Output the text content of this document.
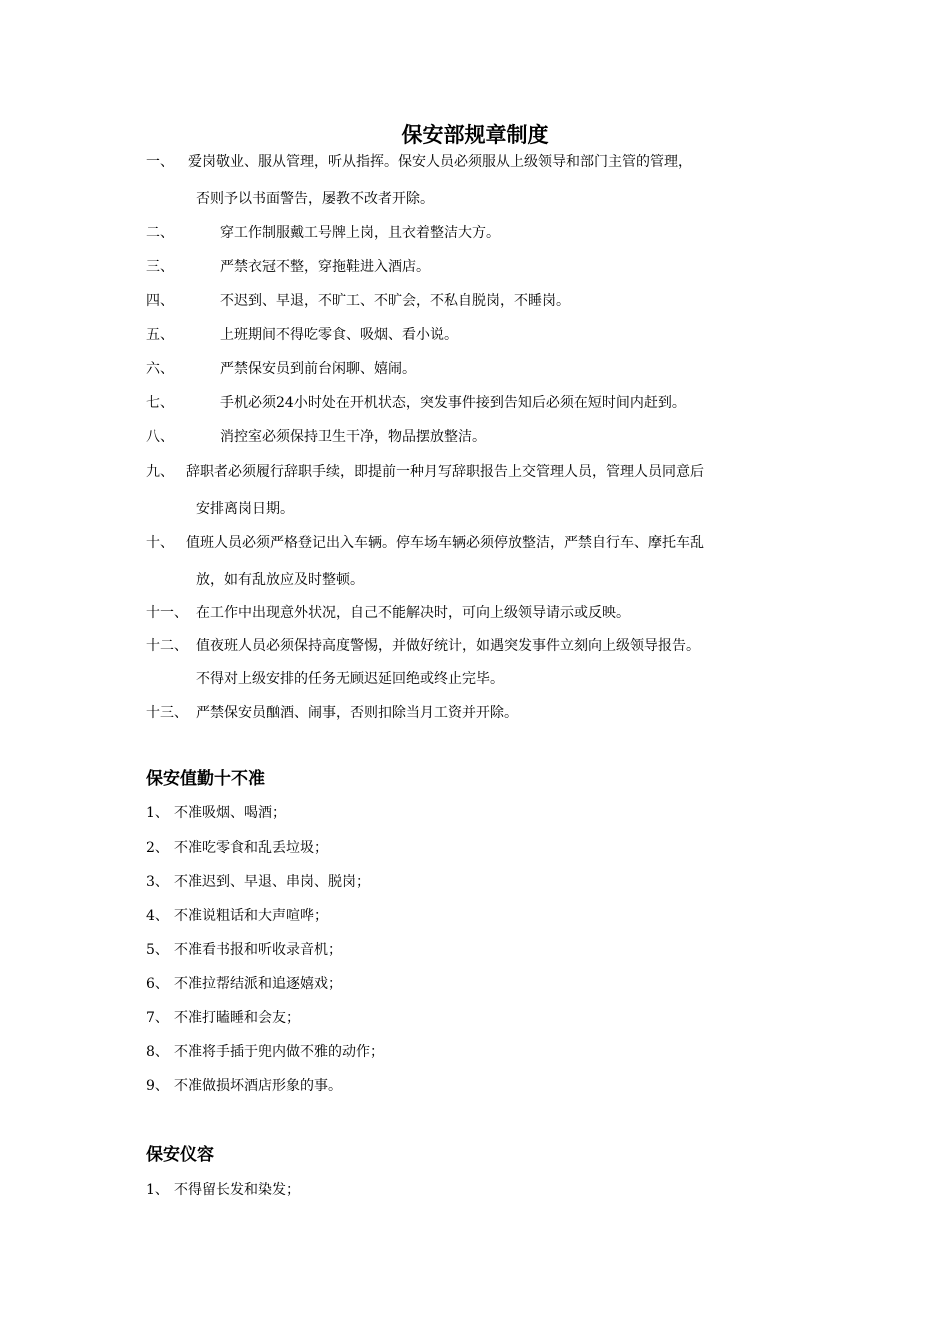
保安部规章制度
一、 爱岗敬业、服从管理，听从指挥。保安人员必须服从上级领导和部门主管的管理，
否则予以书面警告，屡教不改者开除。
二、	穿工作制服戴工号牌上岗，且衣着整洁大方。
三、	严禁衣冠不整，穿拖鞋进入酒店。
四、	不迟到、早退，不旷工、不旷会，不私自脱岗，不睡岗。
五、	上班期间不得吃零食、吸烟、看小说。
六、	严禁保安员到前台闲聊、嬉闹。
七、	手机必须24小时处在开机状态，突发事件接到告知后必须在短时间内赶到。
八、	消控室必须保持卫生干净，物品摆放整洁。
九、 辞职者必须履行辞职手续，即提前一种月写辞职报告上交管理人员，管理人员同意后
安排离岗日期。
十、 值班人员必须严格登记出入车辆。停车场车辆必须停放整洁，严禁自行车、摩托车乱
放，如有乱放应及时整顿。
十一、 在工作中出现意外状况，自己不能解决时，可向上级领导请示或反映。
十二、 值夜班人员必须保持高度警惕，并做好统计，如遇突发事件立刻向上级领导报告。
不得对上级安排的任务无顾迟延回绝或终止完毕。
十三、 严禁保安员酗酒、闹事，否则扣除当月工资并开除。
保安值勤十不准
1、 不准吸烟、喝酒；
2、 不准吃零食和乱丢垃圾；
3、 不准迟到、早退、串岗、脱岗；
4、 不准说粗话和大声喧哗；
5、 不准看书报和听收录音机；
6、 不准拉帮结派和追逐嬉戏；
7、 不准打瞌睡和会友；
8、 不准将手插于兜内做不雅的动作；
9、 不准做损坏酒店形象的事。
保安仪容
1、 不得留长发和染发；
